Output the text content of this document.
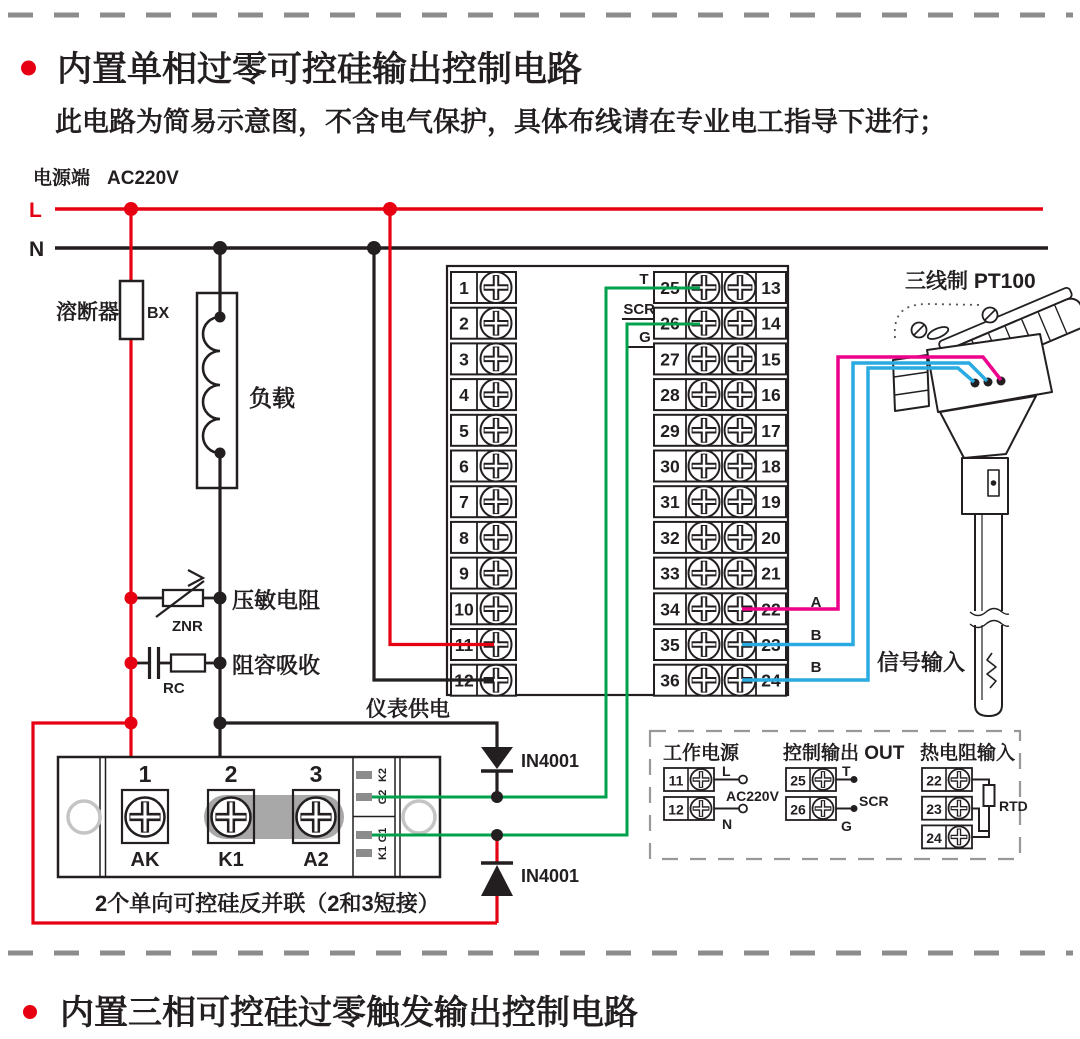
内置单相过零可控硅输出控制电路
此电路为简易示意图，不含电气保护，具体布线请在专业电工指导下进行；
内置三相可控硅过零触发输出控制电路
电源端 AC220V
L
N
溶断器 BX
负载
ZNR
压敏电阻
RC
阻容吸收
1
2
3
4
5
6
7
8
9
10
11
12
25	13
26	14
27	15
28	16
29	17
30	18
31	19
32	20
33	21
34	22
35	23
36	24
T
SCR
G
仪表供电
1	2	3
AK	K1	A2
K2
G2
G1
K1
2个单向可控硅反并联（2和3短接）
工作电源 控制输出 OUT 热电阻输入
11
12
25
26
22
23
24
L
AC220V
N
T
SCR
G
RTD
三线制 PT100
A
B
B	信号输入
IN4001
IN4001
